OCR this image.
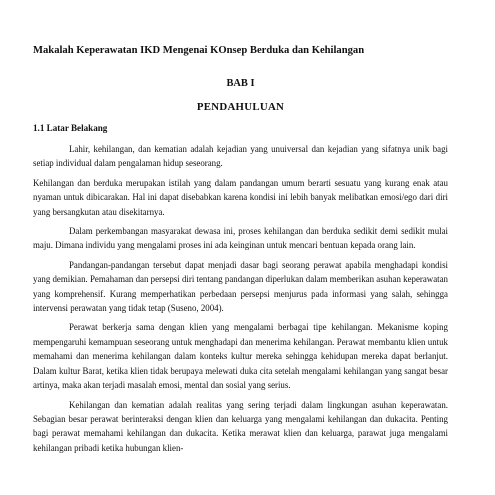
Makalah Keperawatan IKD Mengenai KOnsep Berduka dan Kehilangan
BAB I
PENDAHULUAN
1.1 Latar Belakang

Lahir, kehilangan, dan kematian adalah kejadian yang unuiversal dan kejadian yang sifatnya unik bagi setiap individual dalam pengalaman hidup seseorang.

Kehilangan dan berduka merupakan istilah yang dalam pandangan umum berarti sesuatu yang kurang enak atau nyaman untuk dibicarakan. Hal ini dapat disebabkan karena kondisi ini lebih banyak melibatkan emosi/ego dari diri yang bersangkutan atau disekitarnya.

Dalam perkembangan masyarakat dewasa ini, proses kehilangan dan berduka sedikit demi sedikit mulai maju. Dimana individu yang mengalami proses ini ada keinginan untuk mencari bentuan kepada orang lain.

Pandangan-pandangan tersebut dapat menjadi dasar bagi seorang perawat apabila menghadapi kondisi yang demikian. Pemahaman dan persepsi diri tentang pandangan diperlukan dalam memberikan asuhan keperawatan yang komprehensif. Kurang memperhatikan perbedaan persepsi menjurus pada informasi yang salah, sehingga intervensi perawatan yang tidak tetap (Suseno, 2004).

Perawat berkerja sama dengan klien yang mengalami berbagai tipe kehilangan. Mekanisme koping mempengaruhi kemampuan seseorang untuk menghadapi dan menerima kehilangan. Perawat membantu klien untuk memahami dan menerima kehilangan dalam konteks kultur mereka sehingga kehidupan mereka dapat berlanjut. Dalam kultur Barat, ketika klien tidak berupaya melewati duka cita setelah mengalami kehilangan yang sangat besar artinya, maka akan terjadi masalah emosi, mental dan sosial yang serius.

Kehilangan dan kematian adalah realitas yang sering terjadi dalam lingkungan asuhan keperawatan. Sebagian besar perawat berinteraksi dengan klien dan keluarga yang mengalami kehilangan dan dukacita. Penting bagi perawat memahami kehilangan dan dukacita. Ketika merawat klien dan keluarga, parawat juga mengalami kehilangan pribadi ketika hubungan klien-
